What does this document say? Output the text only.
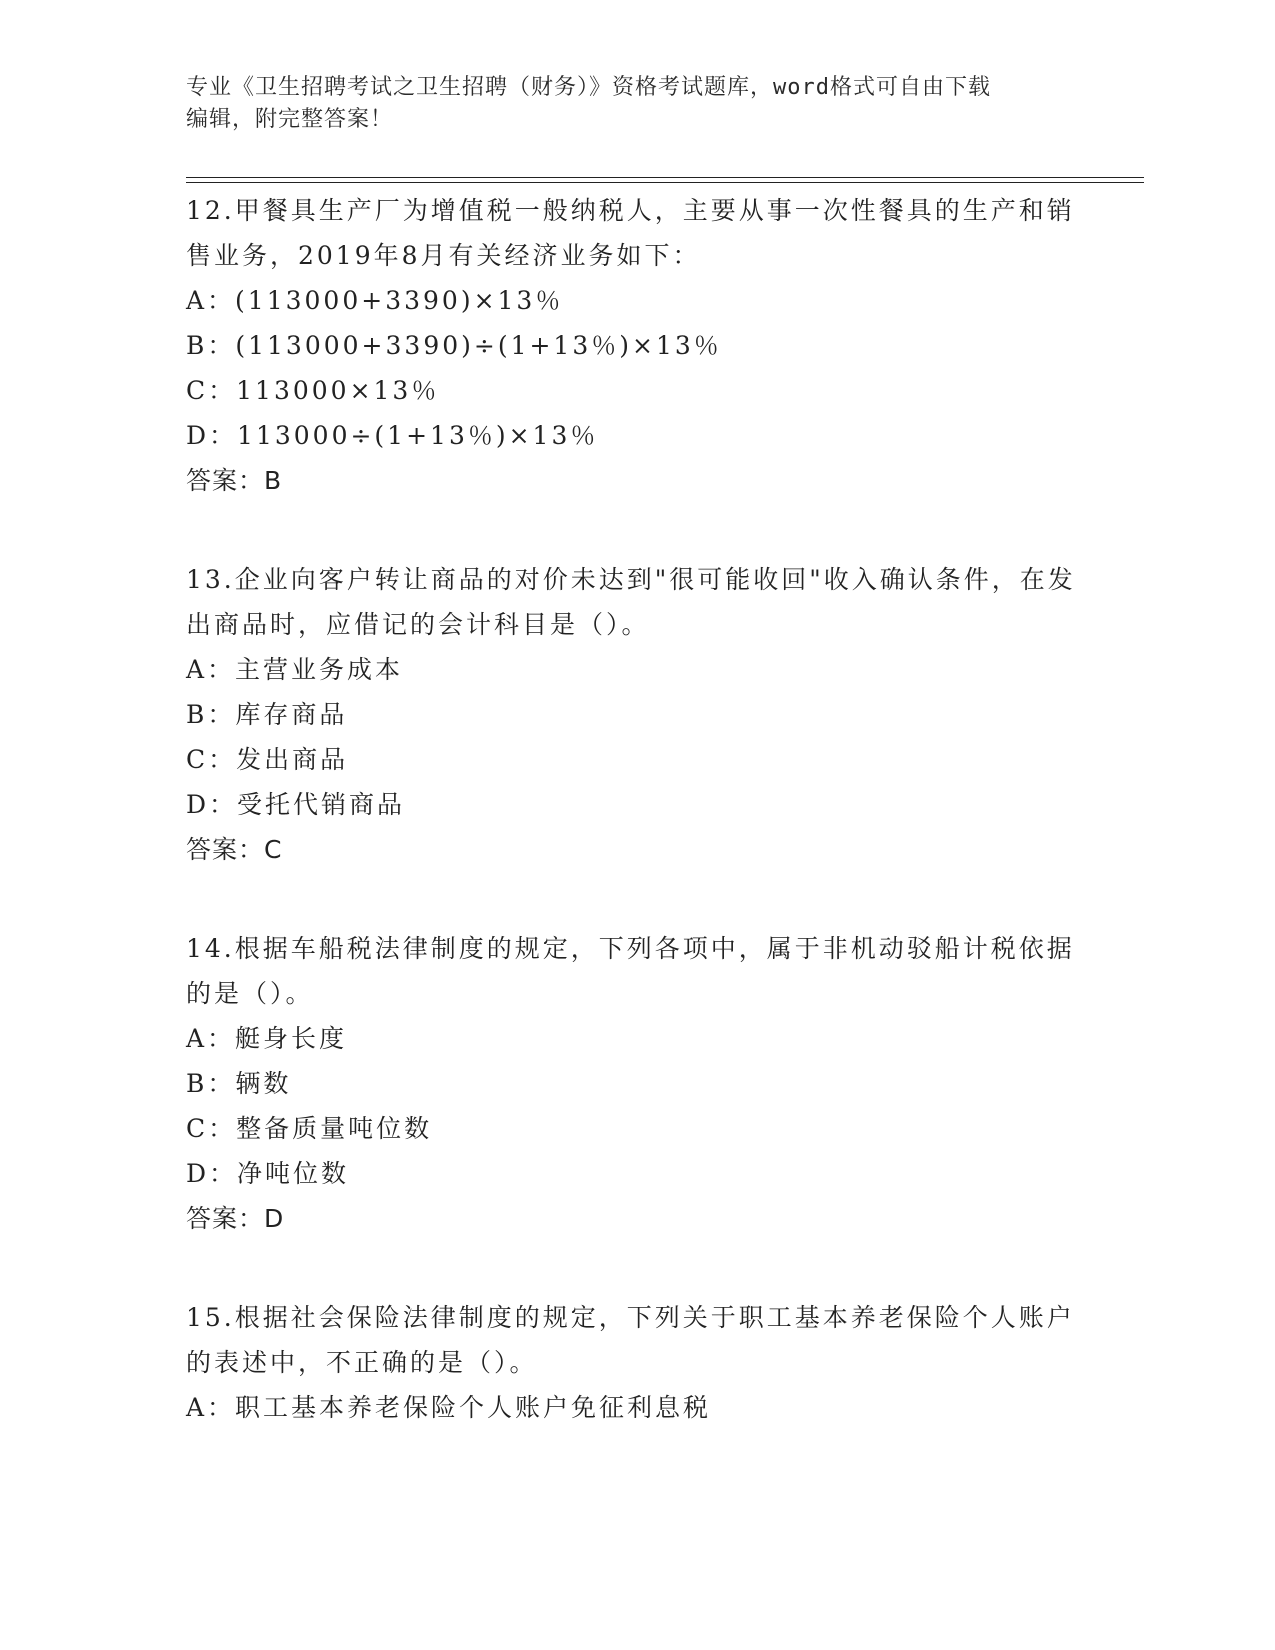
专业《卫生招聘考试之卫生招聘（财务）》资格考试题库，word格式可自由下载
编辑，附完整答案！

12.甲餐具生产厂为增值税一般纳税人，主要从事一次性餐具的生产和销售业务，2019年8月有关经济业务如下：

A：(113000+3390)×13％

B：(113000+3390)÷(1+13％)×13％

C：113000×13％

D：113000÷(1+13％)×13％

答案：B

13.企业向客户转让商品的对价未达到"很可能收回"收入确认条件，在发出商品时，应借记的会计科目是（）。

A：主营业务成本

B：库存商品

C：发出商品

D：受托代销商品

答案：C

14.根据车船税法律制度的规定，下列各项中，属于非机动驳船计税依据的是（）。

A：艇身长度

B：辆数

C：整备质量吨位数

D：净吨位数

答案：D

15.根据社会保险法律制度的规定，下列关于职工基本养老保险个人账户的表述中，不正确的是（）。

A：职工基本养老保险个人账户免征利息税
